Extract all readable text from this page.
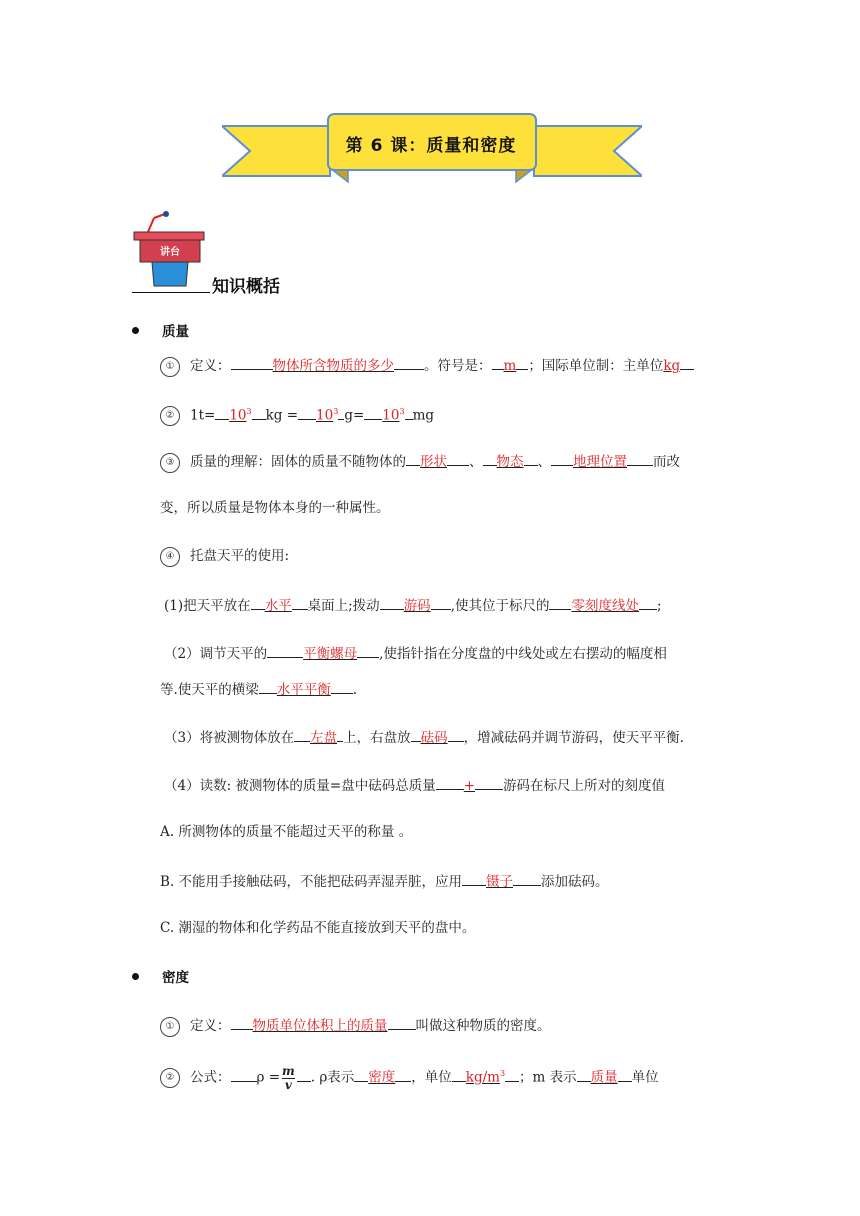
第 6 课：质量和密度
讲台
知识概括
质量
① 定义：	物体所含物质的多少 。符号是： m ；国际单位制：主单位kg
② $1t= 10^3$ kg = $10^3$ $g= 10^3$ mg
③ 质量的理解：固体的质量不随物体的 形状 、 物态 、 地理位置 而改
变，所以质量是物体本身的一种属性。
④ 托盘天平的使用:
(1)把天平放在 水平 桌面上;拨动 游码 ,使其位于标尺的 零刻度线处 ;
（2）调节天平的	平衡螺母 ,使指针指在分度盘的中线处或左右摆动的幅度相
等.使天平的横梁 水平平衡 .
（3）将被测物体放在 左盘 上，右盘放 砝码 ，增减砝码并调节游码，使天平平衡.
（4）读数: 被测物体的质量=盘中砝码总质量 + 游码在标尺上所对的刻度值
A. 所测物体的质量不能超过天平的称量 。
B. 不能用手接触砝码，不能把砝码弄湿弄脏，应用 镊子 添加砝码。
C. 潮湿的物体和化学药品不能直接放到天平的盘中。
密度
① 定义： 物质单位体积上的质量 叫做这种物质的密度。
② 公式： $\rho = \frac{m}{v}$ . ρ表示 密度 ，单位 $kg/m^3$ ；m 表示 质量 单位
